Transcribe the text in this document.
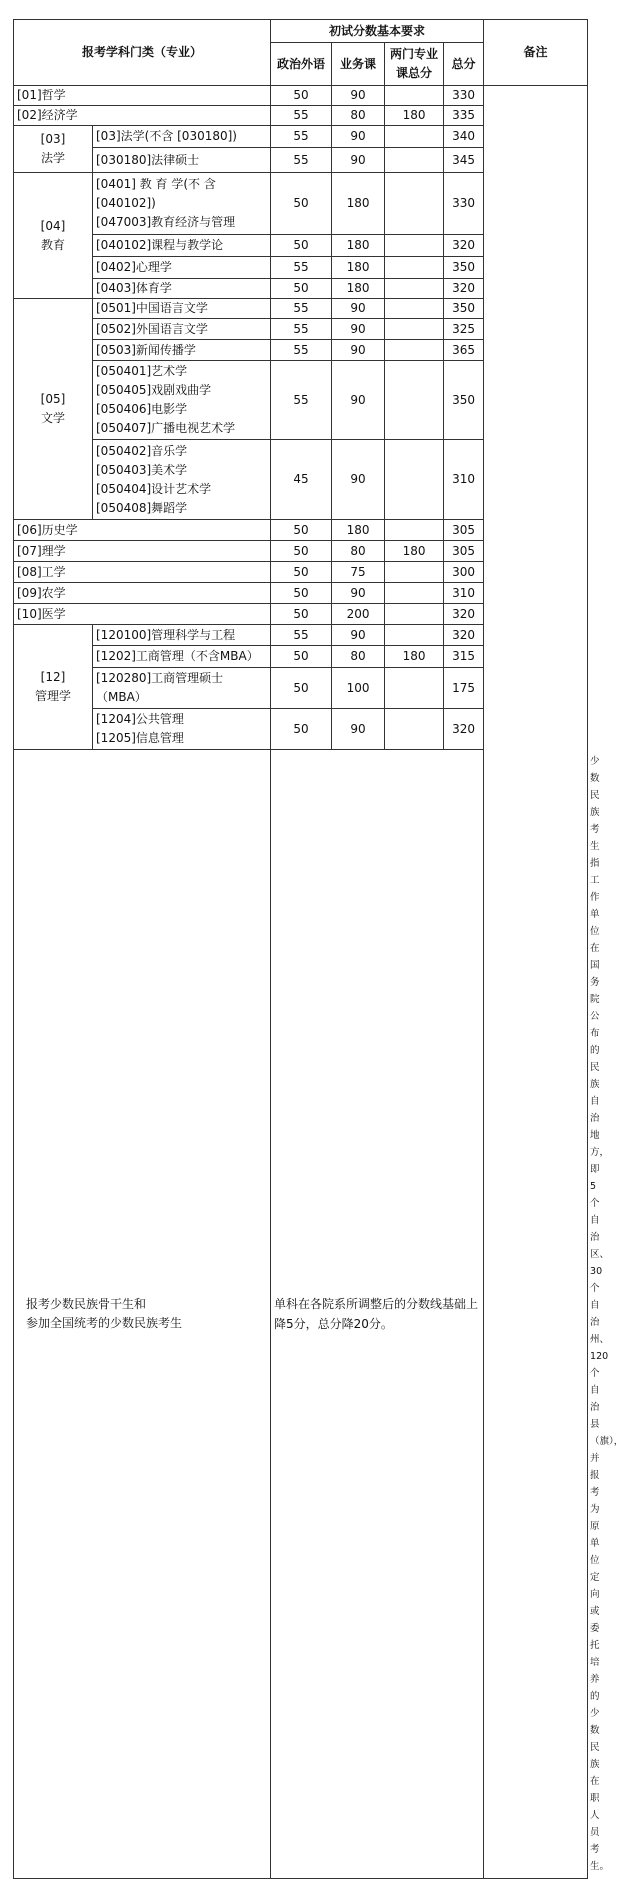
报考学科门类（专业）		初试分数基本要求				备注	
		政治外语	业务课	两门专业课总分	总分		
[01]哲学		50	90		330		
[02]经济学		55	80	180	335		
[03]
法学	[03]法学(不含 [030180])	55	90		340		
	[030180]法律硕士	55	90		345		
[04]
教育	[0401] 教 育 学(不 含
[040102])
[047003]教育经济与管理	50	180		330		
	[040102]课程与教学论	50	180		320		
	[0402]心理学	55	180		350		
	[0403]体育学	50	180		320		
[05]
文学	[0501]中国语言文学	55	90		350		
	[0502]外国语言文学	55	90		325		
	[0503]新闻传播学	55	90		365		
	[050401]艺术学
[050405]戏剧戏曲学
[050406]电影学
[050407]广播电视艺术学	55	90		350		
	[050402]音乐学
[050403]美术学
[050404]设计艺术学
[050408]舞蹈学	45	90		310		
[06]历史学		50	180		305		
[07]理学		50	80	180	305		
[08]工学		50	75		300		
[09]农学		50	90		310		
[10]医学		50	200		320		
[12]
管理学	[120100]管理科学与工程	55	90		320		
	[1202]工商管理（不含MBA）	50	80	180	315		
	[120280]工商管理硕士
（MBA）	50	100		175		
	[1204]公共管理
[1205]信息管理	50	90		320		
报考少数民族骨干生和
参加全国统考的少数民族考生		单科在各院系所调整后的分数线基础上降5分，总分降20分。					少数民族考生指工作单位在国务院公布的民族自治地方，即5个自治区、30个自治州、120个自治县（旗），并报考为原单位定向或委托培养的少数民族在职人员考生。
